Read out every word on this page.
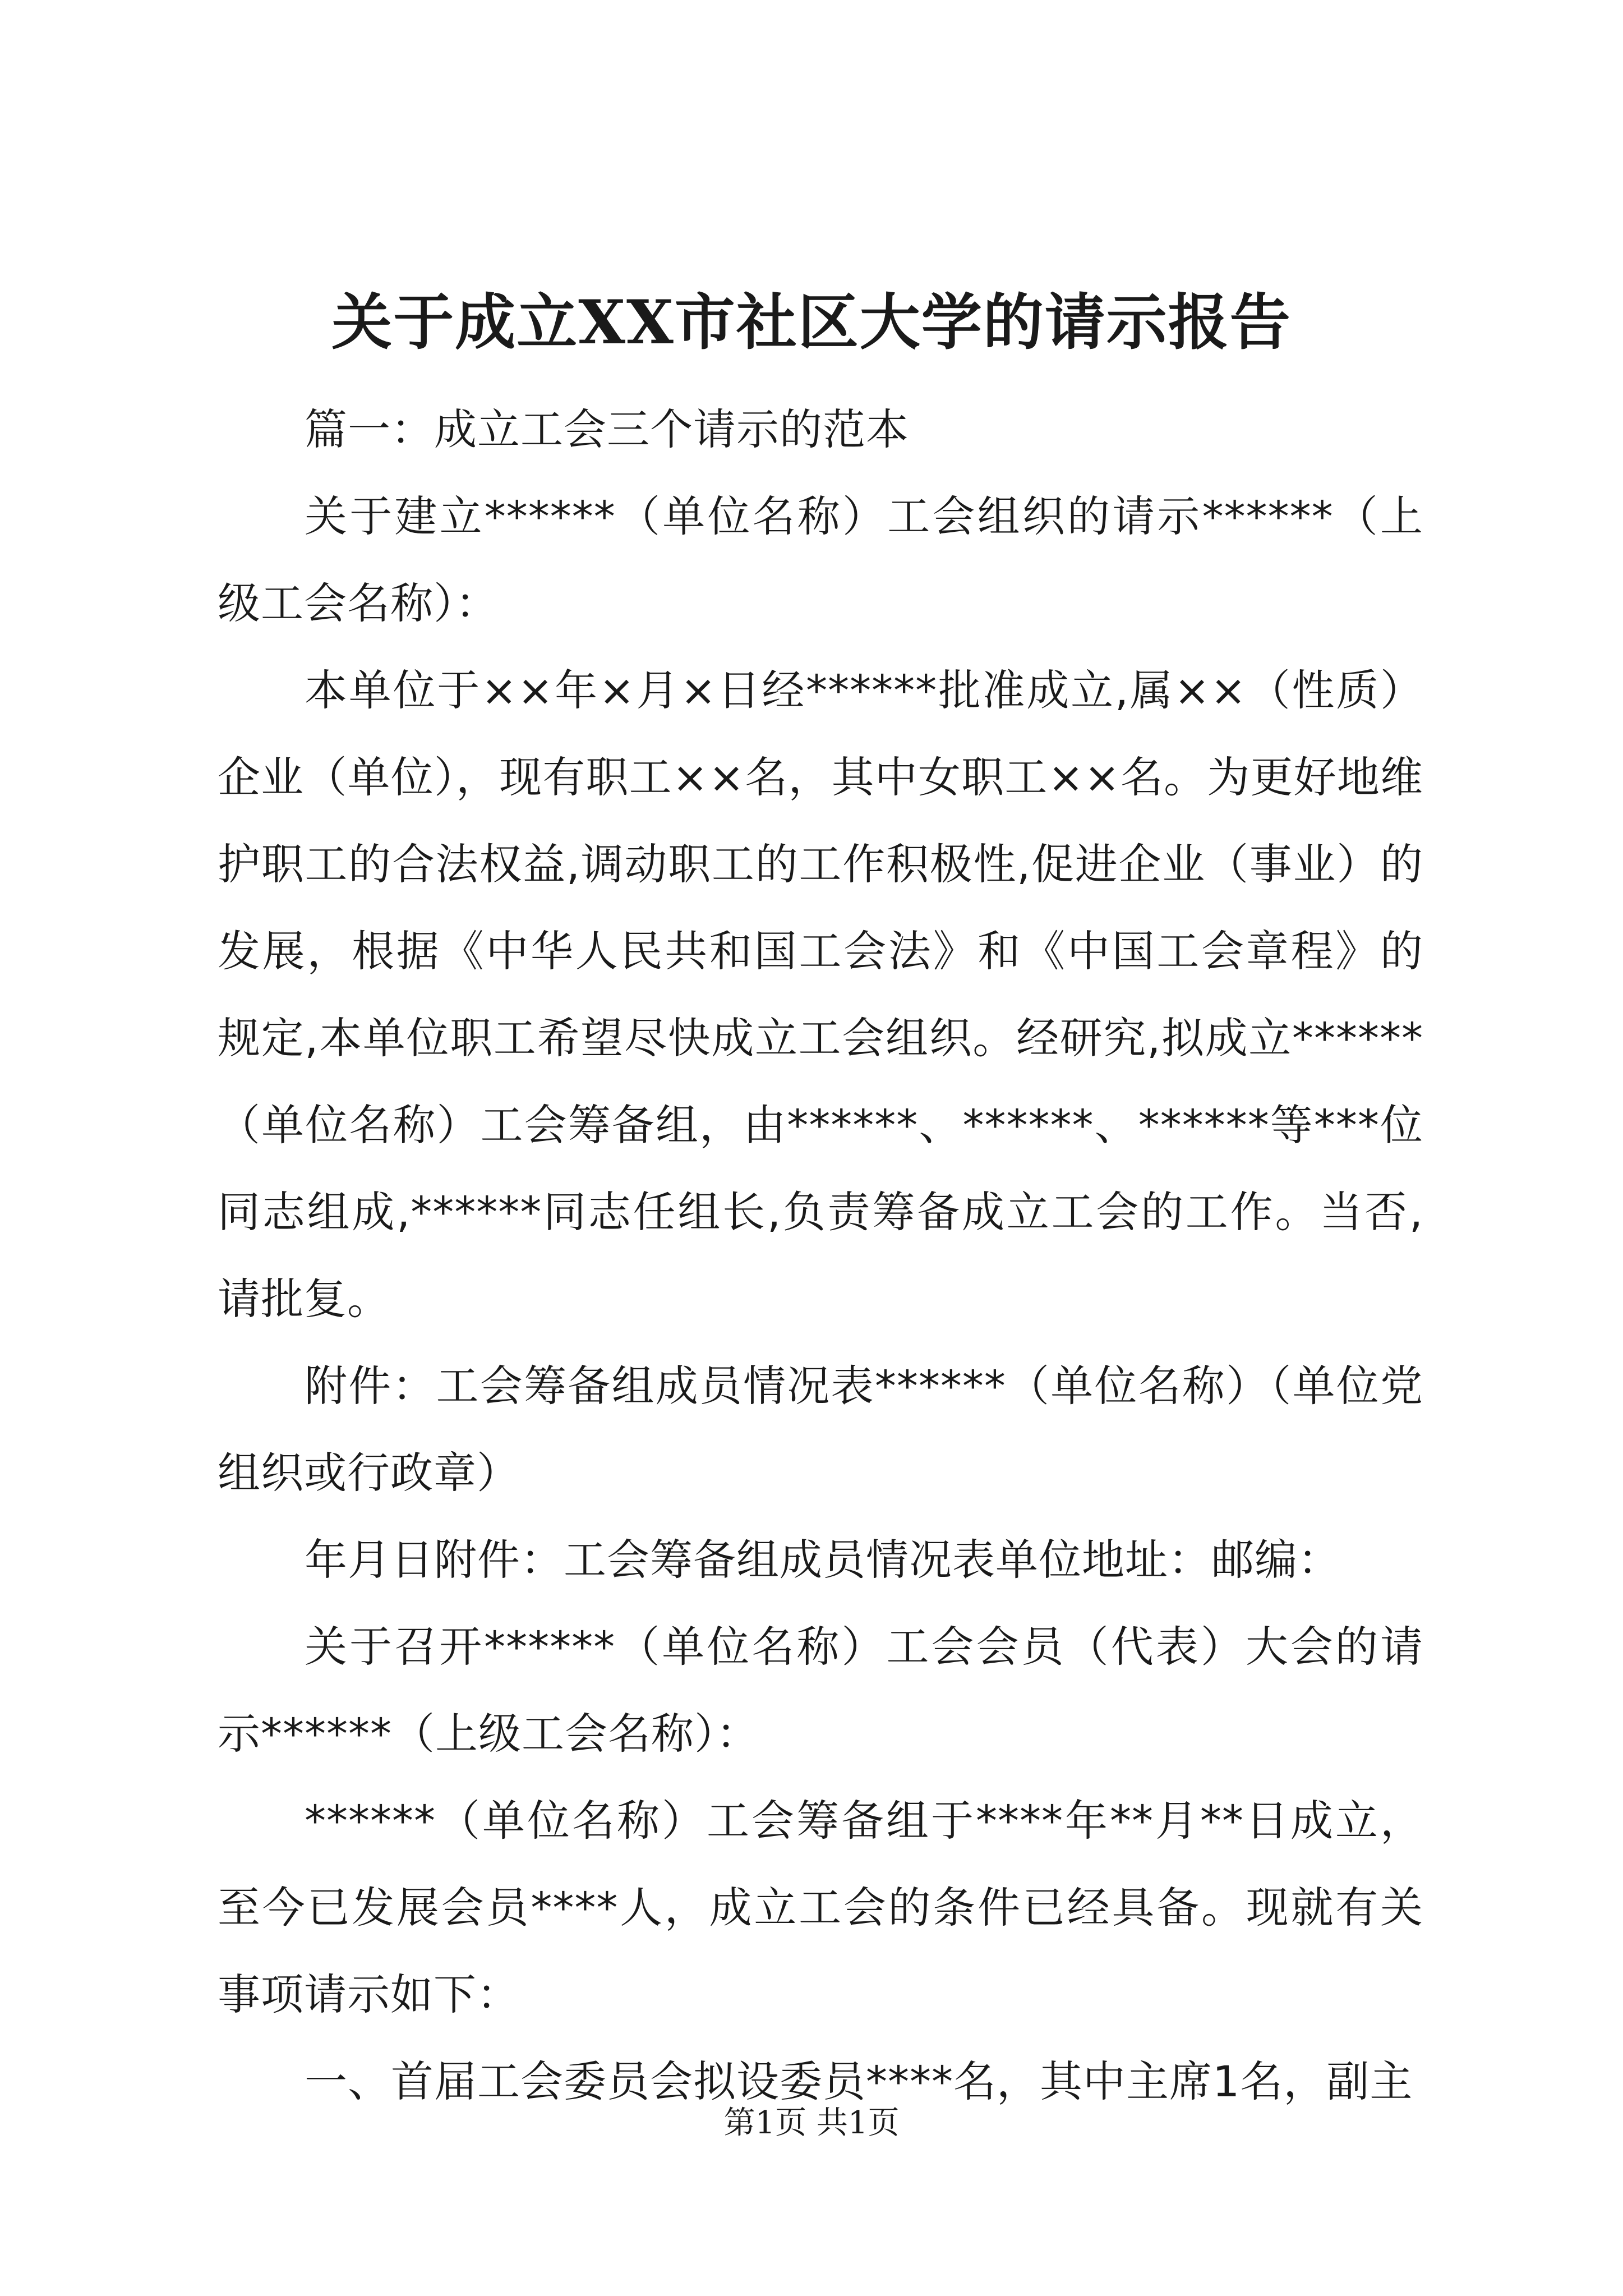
关于成立XX市社区大学的请示报告

篇一：成立工会三个请示的范本

关于建立******（单位名称）工会组织的请示******（上级工会名称）：

本单位于××年×月×日经******批准成立,属××（性质）企业（单位），现有职工××名，其中女职工××名。为更好地维护职工的合法权益,调动职工的工作积极性,促进企业（事业）的发展，根据《中华人民共和国工会法》和《中国工会章程》的规定,本单位职工希望尽快成立工会组织。经研究,拟成立******（单位名称）工会筹备组，由******、******、******等***位同志组成,******同志任组长,负责筹备成立工会的工作。当否,请批复。

附件：工会筹备组成员情况表******（单位名称）（单位党组织或行政章）

年月日附件：工会筹备组成员情况表单位地址：邮编：

关于召开******（单位名称）工会会员（代表）大会的请示******（上级工会名称）：

******（单位名称）工会筹备组于****年**月**日成立，至今已发展会员****人，成立工会的条件已经具备。现就有关事项请示如下：

一、首届工会委员会拟设委员****名，其中主席1名，副主

第1页 共1页
